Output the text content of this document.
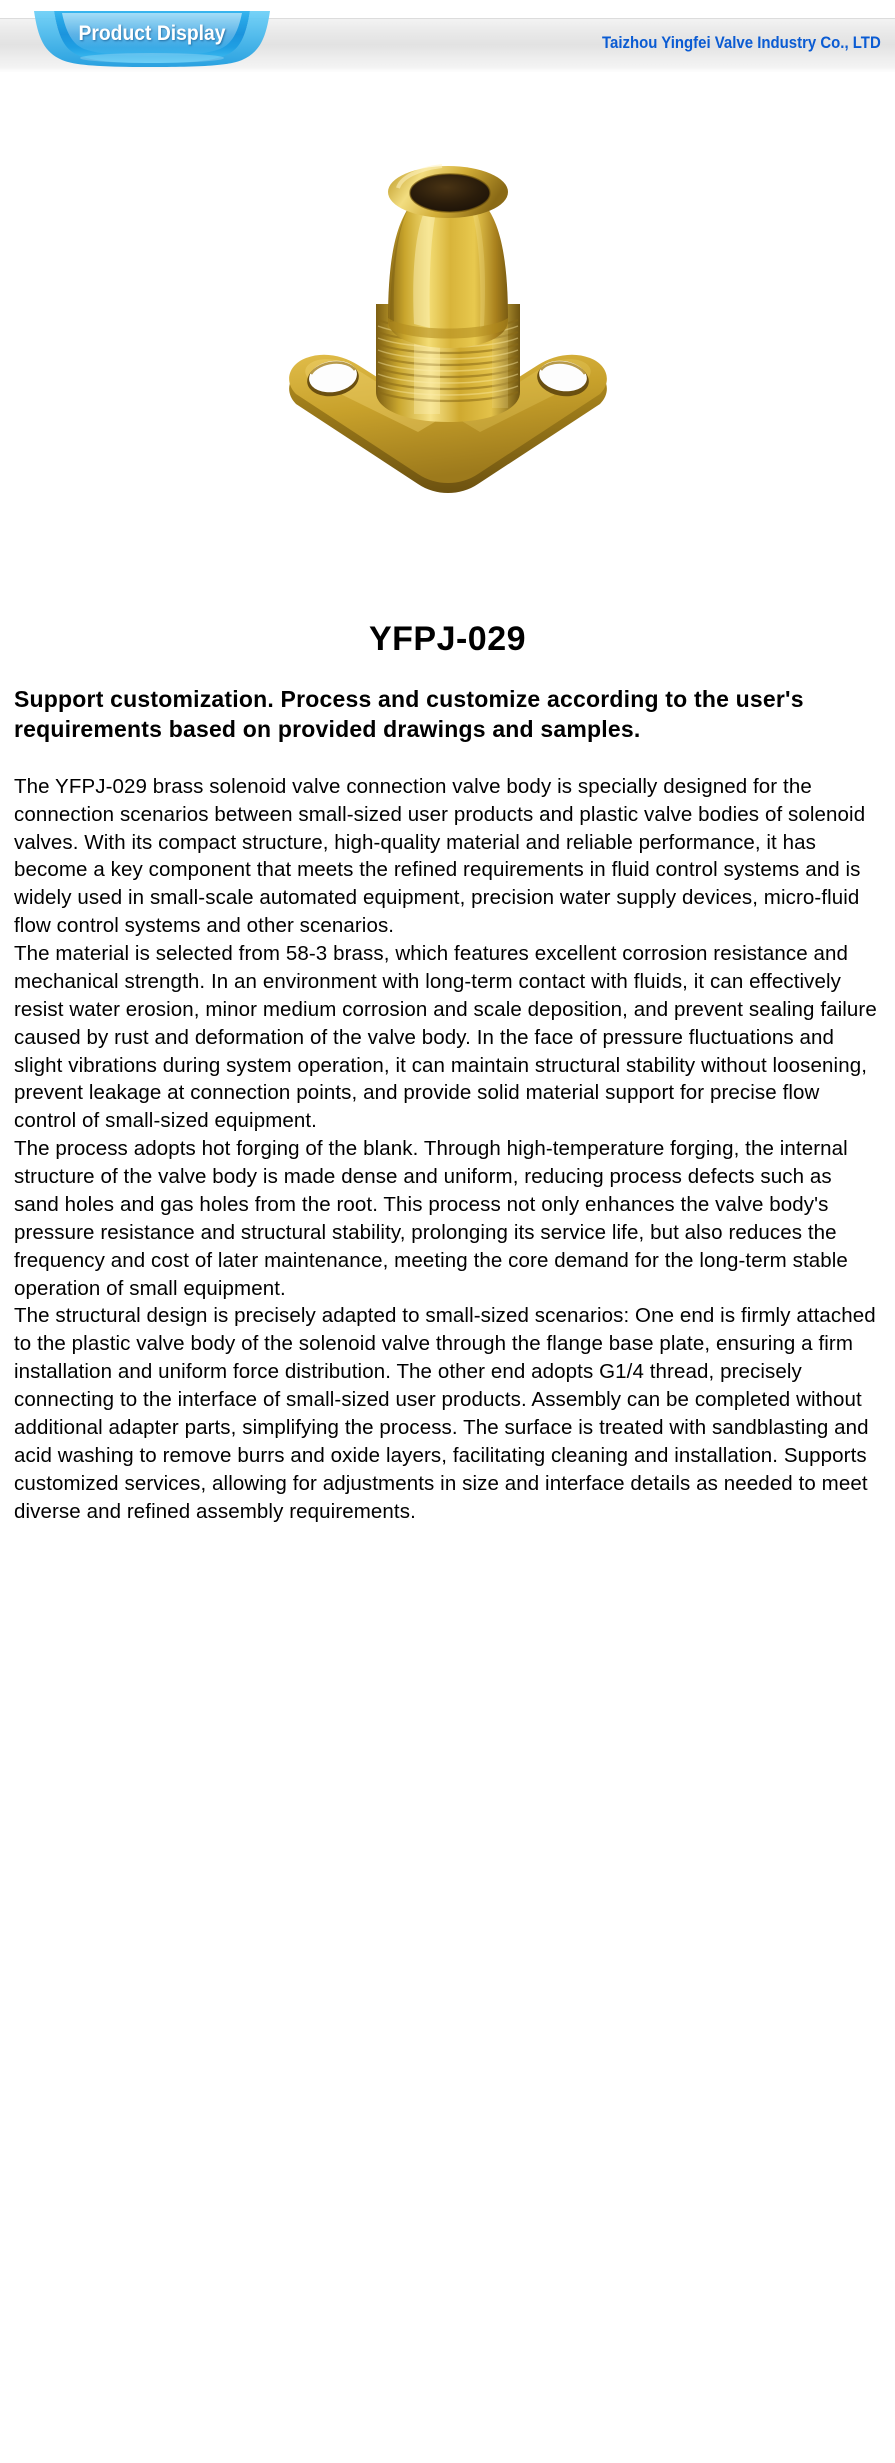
Product Display	Taizhou Yingfei Valve Industry Co., LTD
YFPJ-029
Support customization. Process and customize according to the user's requirements based on provided drawings and samples.

The YFPJ-029 brass solenoid valve connection valve body is specially designed for the connection scenarios between small-sized user products and plastic valve bodies of solenoid valves. With its compact structure, high-quality material and reliable performance, it has become a key component that meets the refined requirements in fluid control systems and is widely used in small-scale automated equipment, precision water supply devices, micro-fluid flow control systems and other scenarios.

The material is selected from 58-3 brass, which features excellent corrosion resistance and mechanical strength. In an environment with long-term contact with fluids, it can effectively resist water erosion, minor medium corrosion and scale deposition, and prevent sealing failure caused by rust and deformation of the valve body. In the face of pressure fluctuations and slight vibrations during system operation, it can maintain structural stability without loosening, prevent leakage at connection points, and provide solid material support for precise flow control of small-sized equipment.

The process adopts hot forging of the blank. Through high-temperature forging, the internal structure of the valve body is made dense and uniform, reducing process defects such as sand holes and gas holes from the root. This process not only enhances the valve body's pressure resistance and structural stability, prolonging its service life, but also reduces the frequency and cost of later maintenance, meeting the core demand for the long-term stable operation of small equipment.

The structural design is precisely adapted to small-sized scenarios: One end is firmly attached to the plastic valve body of the solenoid valve through the flange base plate, ensuring a firm installation and uniform force distribution. The other end adopts G1/4 thread, precisely connecting to the interface of small-sized user products. Assembly can be completed without additional adapter parts, simplifying the process. The surface is treated with sandblasting and acid washing to remove burrs and oxide layers, facilitating cleaning and installation. Supports customized services, allowing for adjustments in size and interface details as needed to meet diverse and refined assembly requirements.
